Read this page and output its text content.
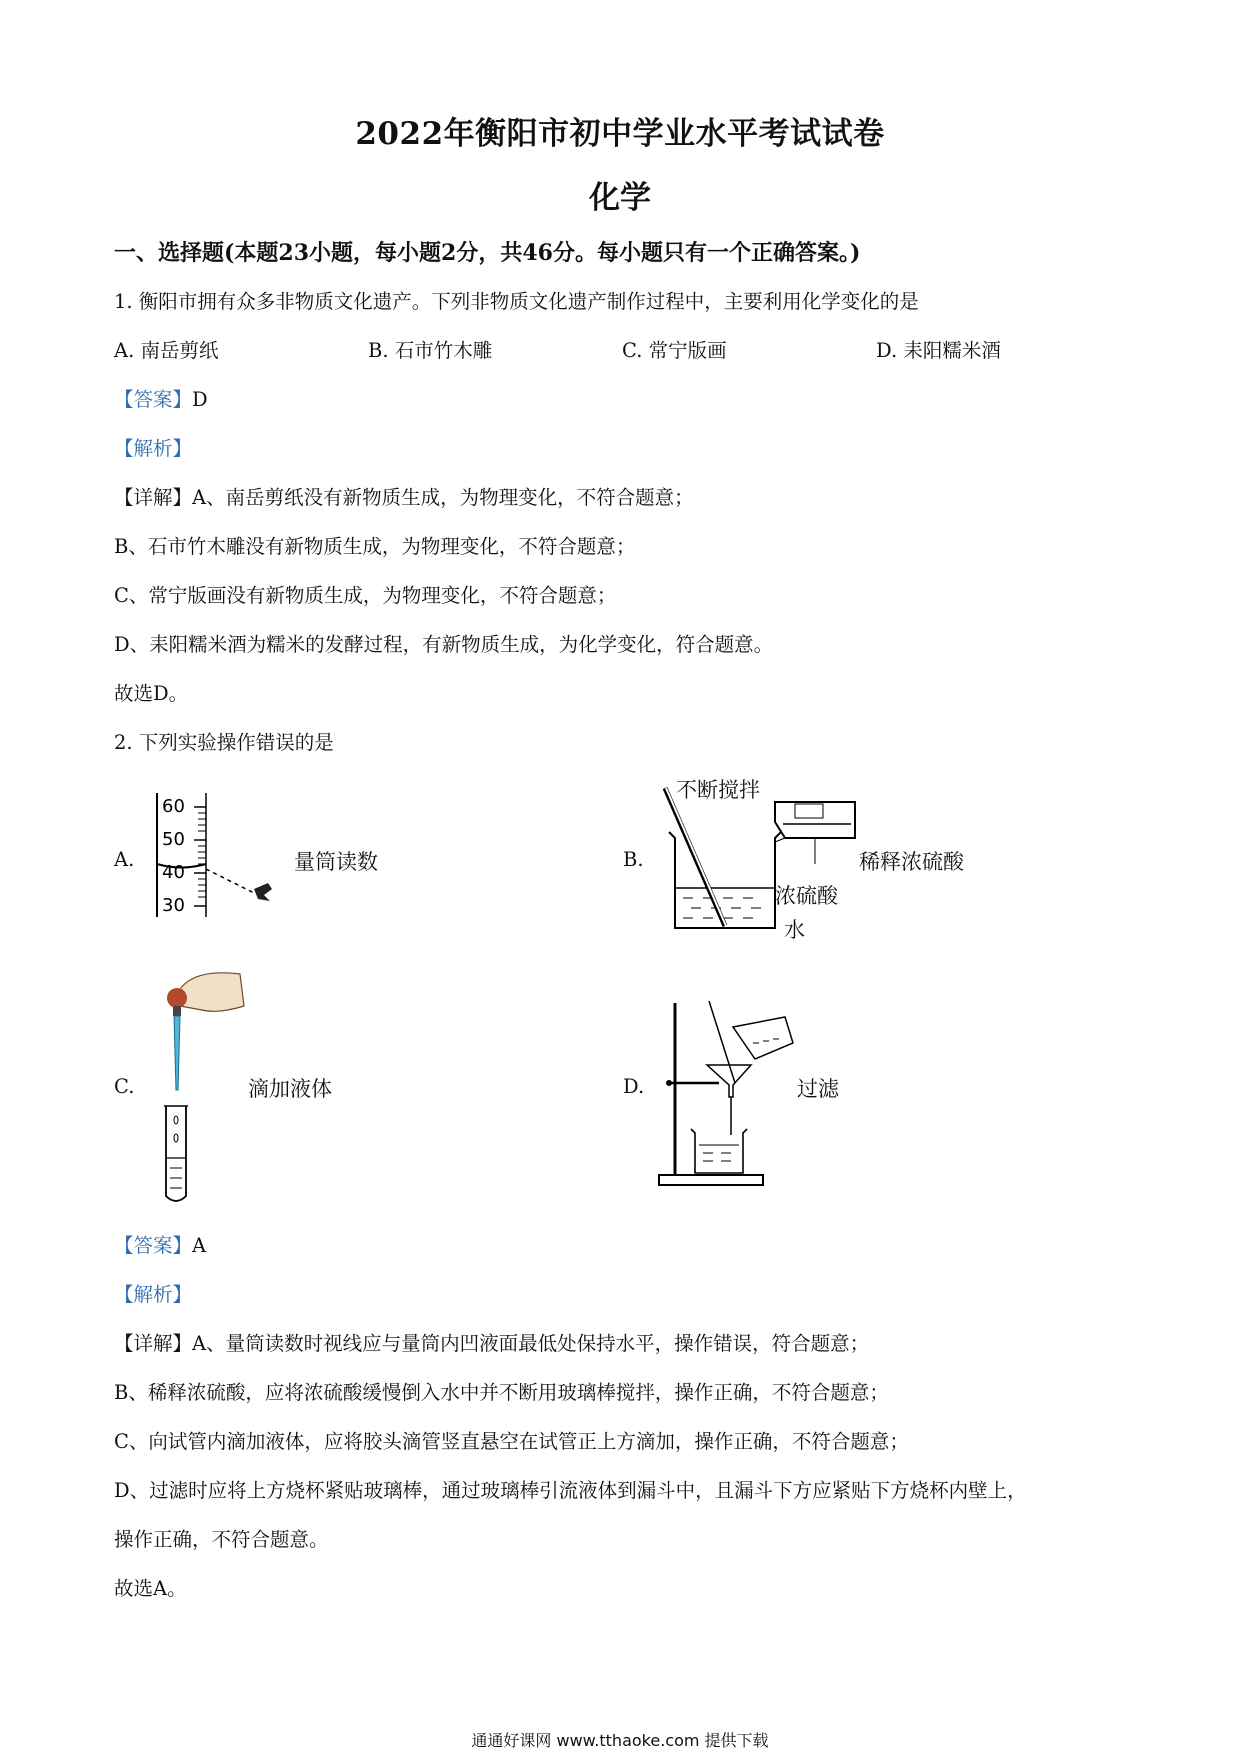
2022年衡阳市初中学业水平考试试卷
化学
一、选择题(本题23小题，每小题2分，共46分。每小题只有一个正确答案。)
1. 衡阳市拥有众多非物质文化遗产。下列非物质文化遗产制作过程中，主要利用化学变化的是
A. 南岳剪纸	B. 石市竹木雕	C. 常宁版画	D. 耒阳糯米酒
【答案】D
【解析】
【详解】A、南岳剪纸没有新物质生成，为物理变化，不符合题意；
B、石市竹木雕没有新物质生成，为物理变化，不符合题意；
C、常宁版画没有新物质生成，为物理变化，不符合题意；
D、耒阳糯米酒为糯米的发酵过程，有新物质生成，为化学变化，符合题意。
故选D。
2. 下列实验操作错误的是
A.
60
50
40
30
量筒读数	B.
不断搅拌
稀释浓硫酸
浓硫酸
水
C.	滴加液体	D.	过滤
【答案】A
【解析】
【详解】A、量筒读数时视线应与量筒内凹液面最低处保持水平，操作错误，符合题意；
B、稀释浓硫酸，应将浓硫酸缓慢倒入水中并不断用玻璃棒搅拌，操作正确，不符合题意；
C、向试管内滴加液体，应将胶头滴管竖直悬空在试管正上方滴加，操作正确，不符合题意；
D、过滤时应将上方烧杯紧贴玻璃棒，通过玻璃棒引流液体到漏斗中，且漏斗下方应紧贴下方烧杯内壁上，
操作正确，不符合题意。
故选A。
通通好课网 www.tthaoke.com 提供下载
